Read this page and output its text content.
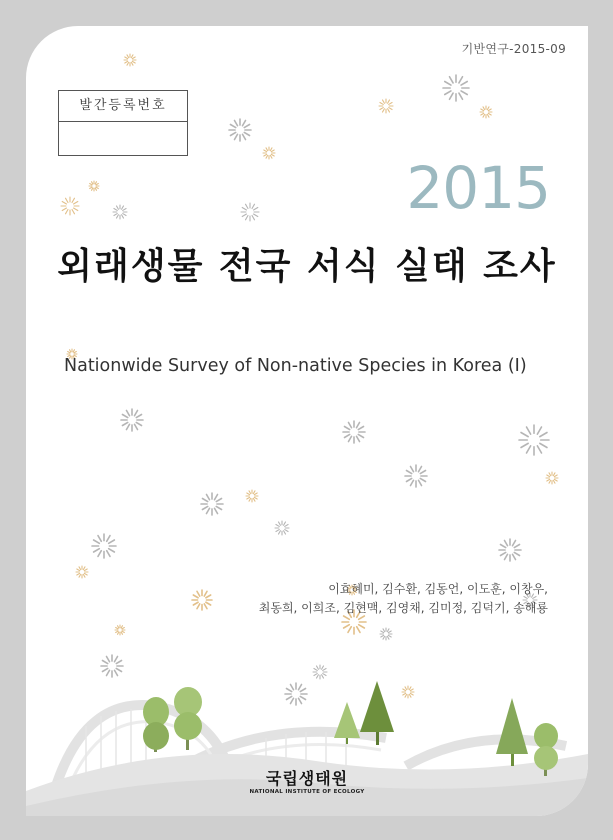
기반연구-2015-09
발간등록번호
2015
외래생물 전국 서식 실태 조사
Nationwide Survey of Non-native Species in Korea (Ⅰ)
이효혜미, 김수환, 김동언, 이도훈, 이창우,
최동희, 이희조, 김현맥, 김영채, 김미정, 김덕기, 송해룡
국립생태원
NATIONAL INSTITUTE OF ECOLOGY
